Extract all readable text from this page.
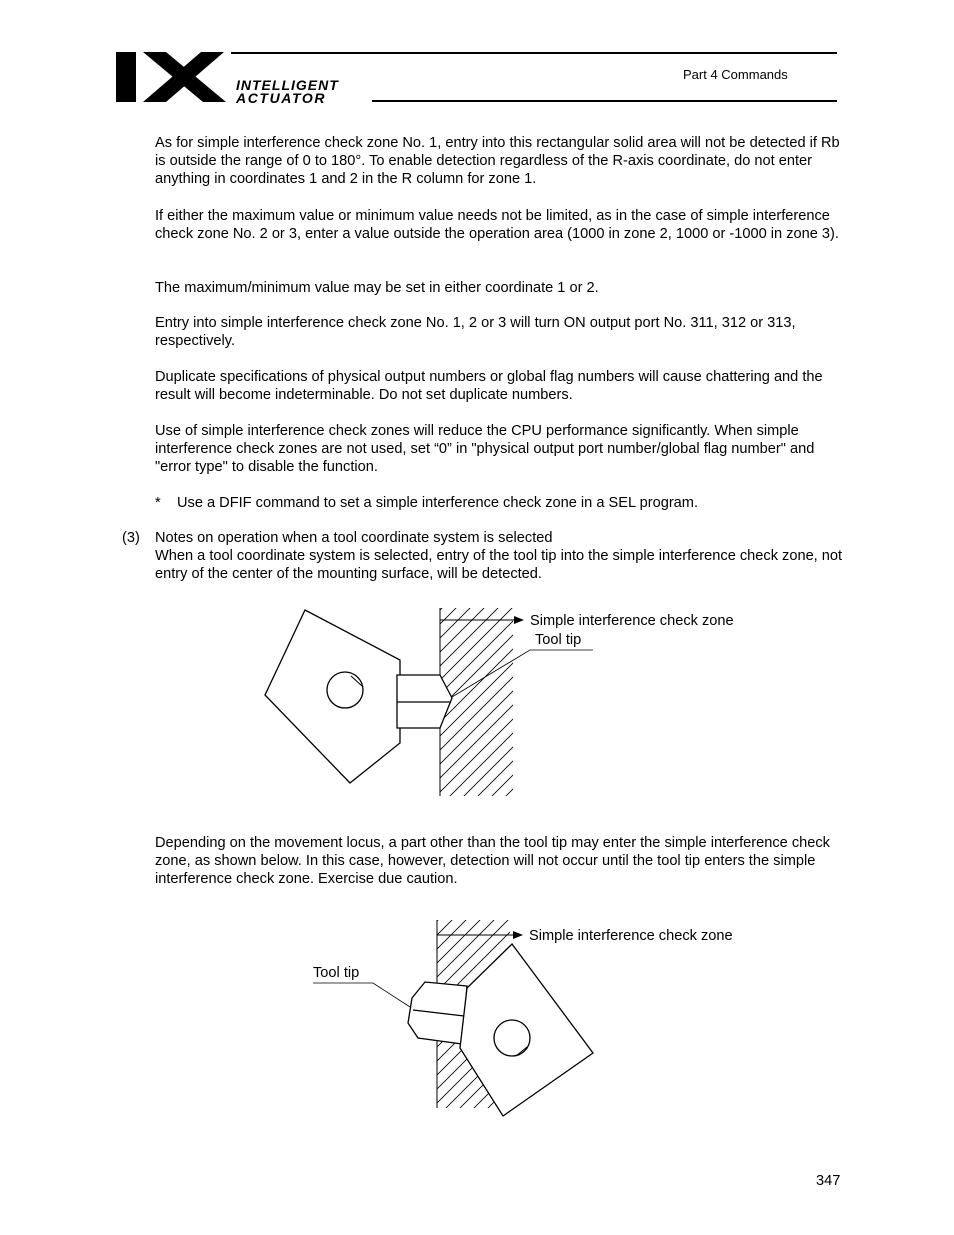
INTELLIGENT
ACTUATOR
Part 4 Commands

As for simple interference check zone No. 1, entry into this rectangular solid area will not be detected if Rb is outside the range of 0 to 180°. To enable detection regardless of the R-axis coordinate, do not enter anything in coordinates 1 and 2 in the R column for zone 1.

If either the maximum value or minimum value needs not be limited, as in the case of simple interference check zone No. 2 or 3, enter a value outside the operation area (1000 in zone 2, 1000 or -1000 in zone 3).

The maximum/minimum value may be set in either coordinate 1 or 2.

Entry into simple interference check zone No. 1, 2 or 3 will turn ON output port No. 311, 312 or 313, respectively.

Duplicate specifications of physical output numbers or global flag numbers will cause chattering and the result will become indeterminable. Do not set duplicate numbers.

Use of simple interference check zones will reduce the CPU performance significantly. When simple interference check zones are not used, set “0” in "physical output port number/global flag number" and "error type" to disable the function.

* Use a DFIF command to set a simple interference check zone in a SEL program.
(3) Notes on operation when a tool coordinate system is selected

When a tool coordinate system is selected, entry of the tool tip into the simple interference check zone, not entry of the center of the mounting surface, will be detected.

Simple interference check zone
Tool tip

Depending on the movement locus, a part other than the tool tip may enter the simple interference check zone, as shown below. In this case, however, detection will not occur until the tool tip enters the simple interference check zone. Exercise due caution.

Simple interference check zone
Tool tip
347
